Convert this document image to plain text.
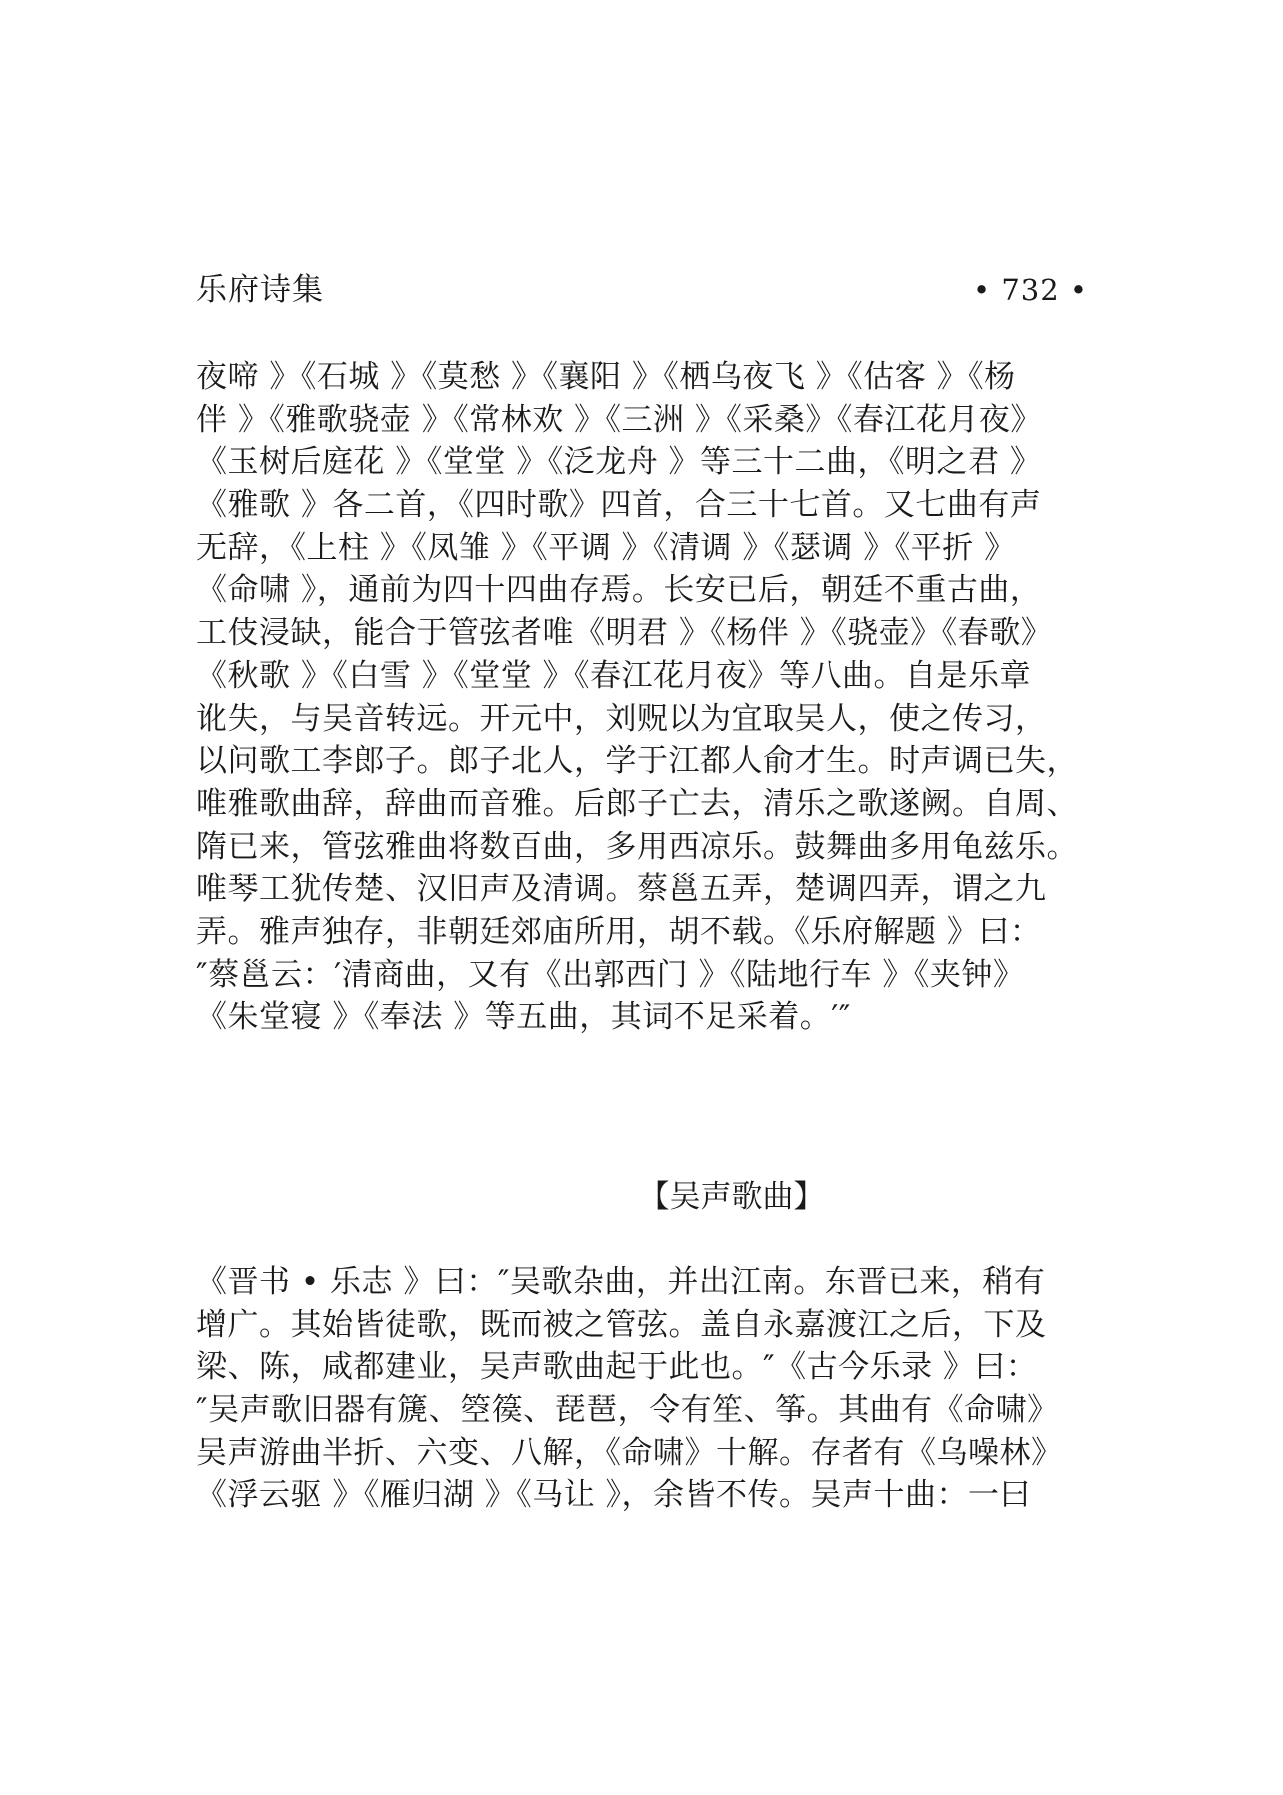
乐府诗集	• 732 •
夜啼 》《石城 》《莫愁 》《襄阳 》《栖乌夜飞 》《估客 》《杨
伴 》《雅歌骁壶 》《常林欢 》《三洲 》《采桑》《春江花月夜》
《玉树后庭花 》《堂堂 》《泛龙舟 》等三十二曲，《明之君 》
《雅歌 》各二首，《四时歌》四首，合三十七首。又七曲有声
无辞，《上柱 》《凤雏 》《平调 》《清调 》《瑟调 》《平折 》
《命啸 》，通前为四十四曲存焉。长安已后，朝廷不重古曲，
工伎浸缺，能合于管弦者唯《明君 》《杨伴 》《骁壶》《春歌》
《秋歌 》《白雪 》《堂堂 》《春江花月夜》等八曲。自是乐章
讹失，与吴音转远。开元中，刘贶以为宜取吴人，使之传习，
以问歌工李郎子。郎子北人，学于江都人俞才生。时声调已失，
唯雅歌曲辞，辞曲而音雅。后郎子亡去，清乐之歌遂阙。自周、
隋已来，管弦雅曲将数百曲，多用西凉乐。鼓舞曲多用龟兹乐。
唯琴工犹传楚、汉旧声及清调。蔡邕五弄，楚调四弄，谓之九
弄。雅声独存，非朝廷郊庙所用，胡不载。《乐府解题 》曰：
″蔡邕云：′清商曲，又有《出郭西门 》《陆地行车 》《夹钟》
《朱堂寝 》《奉法 》等五曲，其词不足采着。′″
【吴声歌曲】
《晋书 • 乐志 》曰：″吴歌杂曲，并出江南。东晋已来，稍有
增广。其始皆徒歌，既而被之管弦。盖自永嘉渡江之后，下及
梁、陈，咸都建业，吴声歌曲起于此也。″《古今乐录 》曰：
″吴声歌旧器有篪、箜篌、琵琶，令有笙、筝。其曲有《命啸》
吴声游曲半折、六变、八解，《命啸》十解。存者有《乌噪林》
《浮云驱 》《雁归湖 》《马让 》，余皆不传。吴声十曲：一曰
